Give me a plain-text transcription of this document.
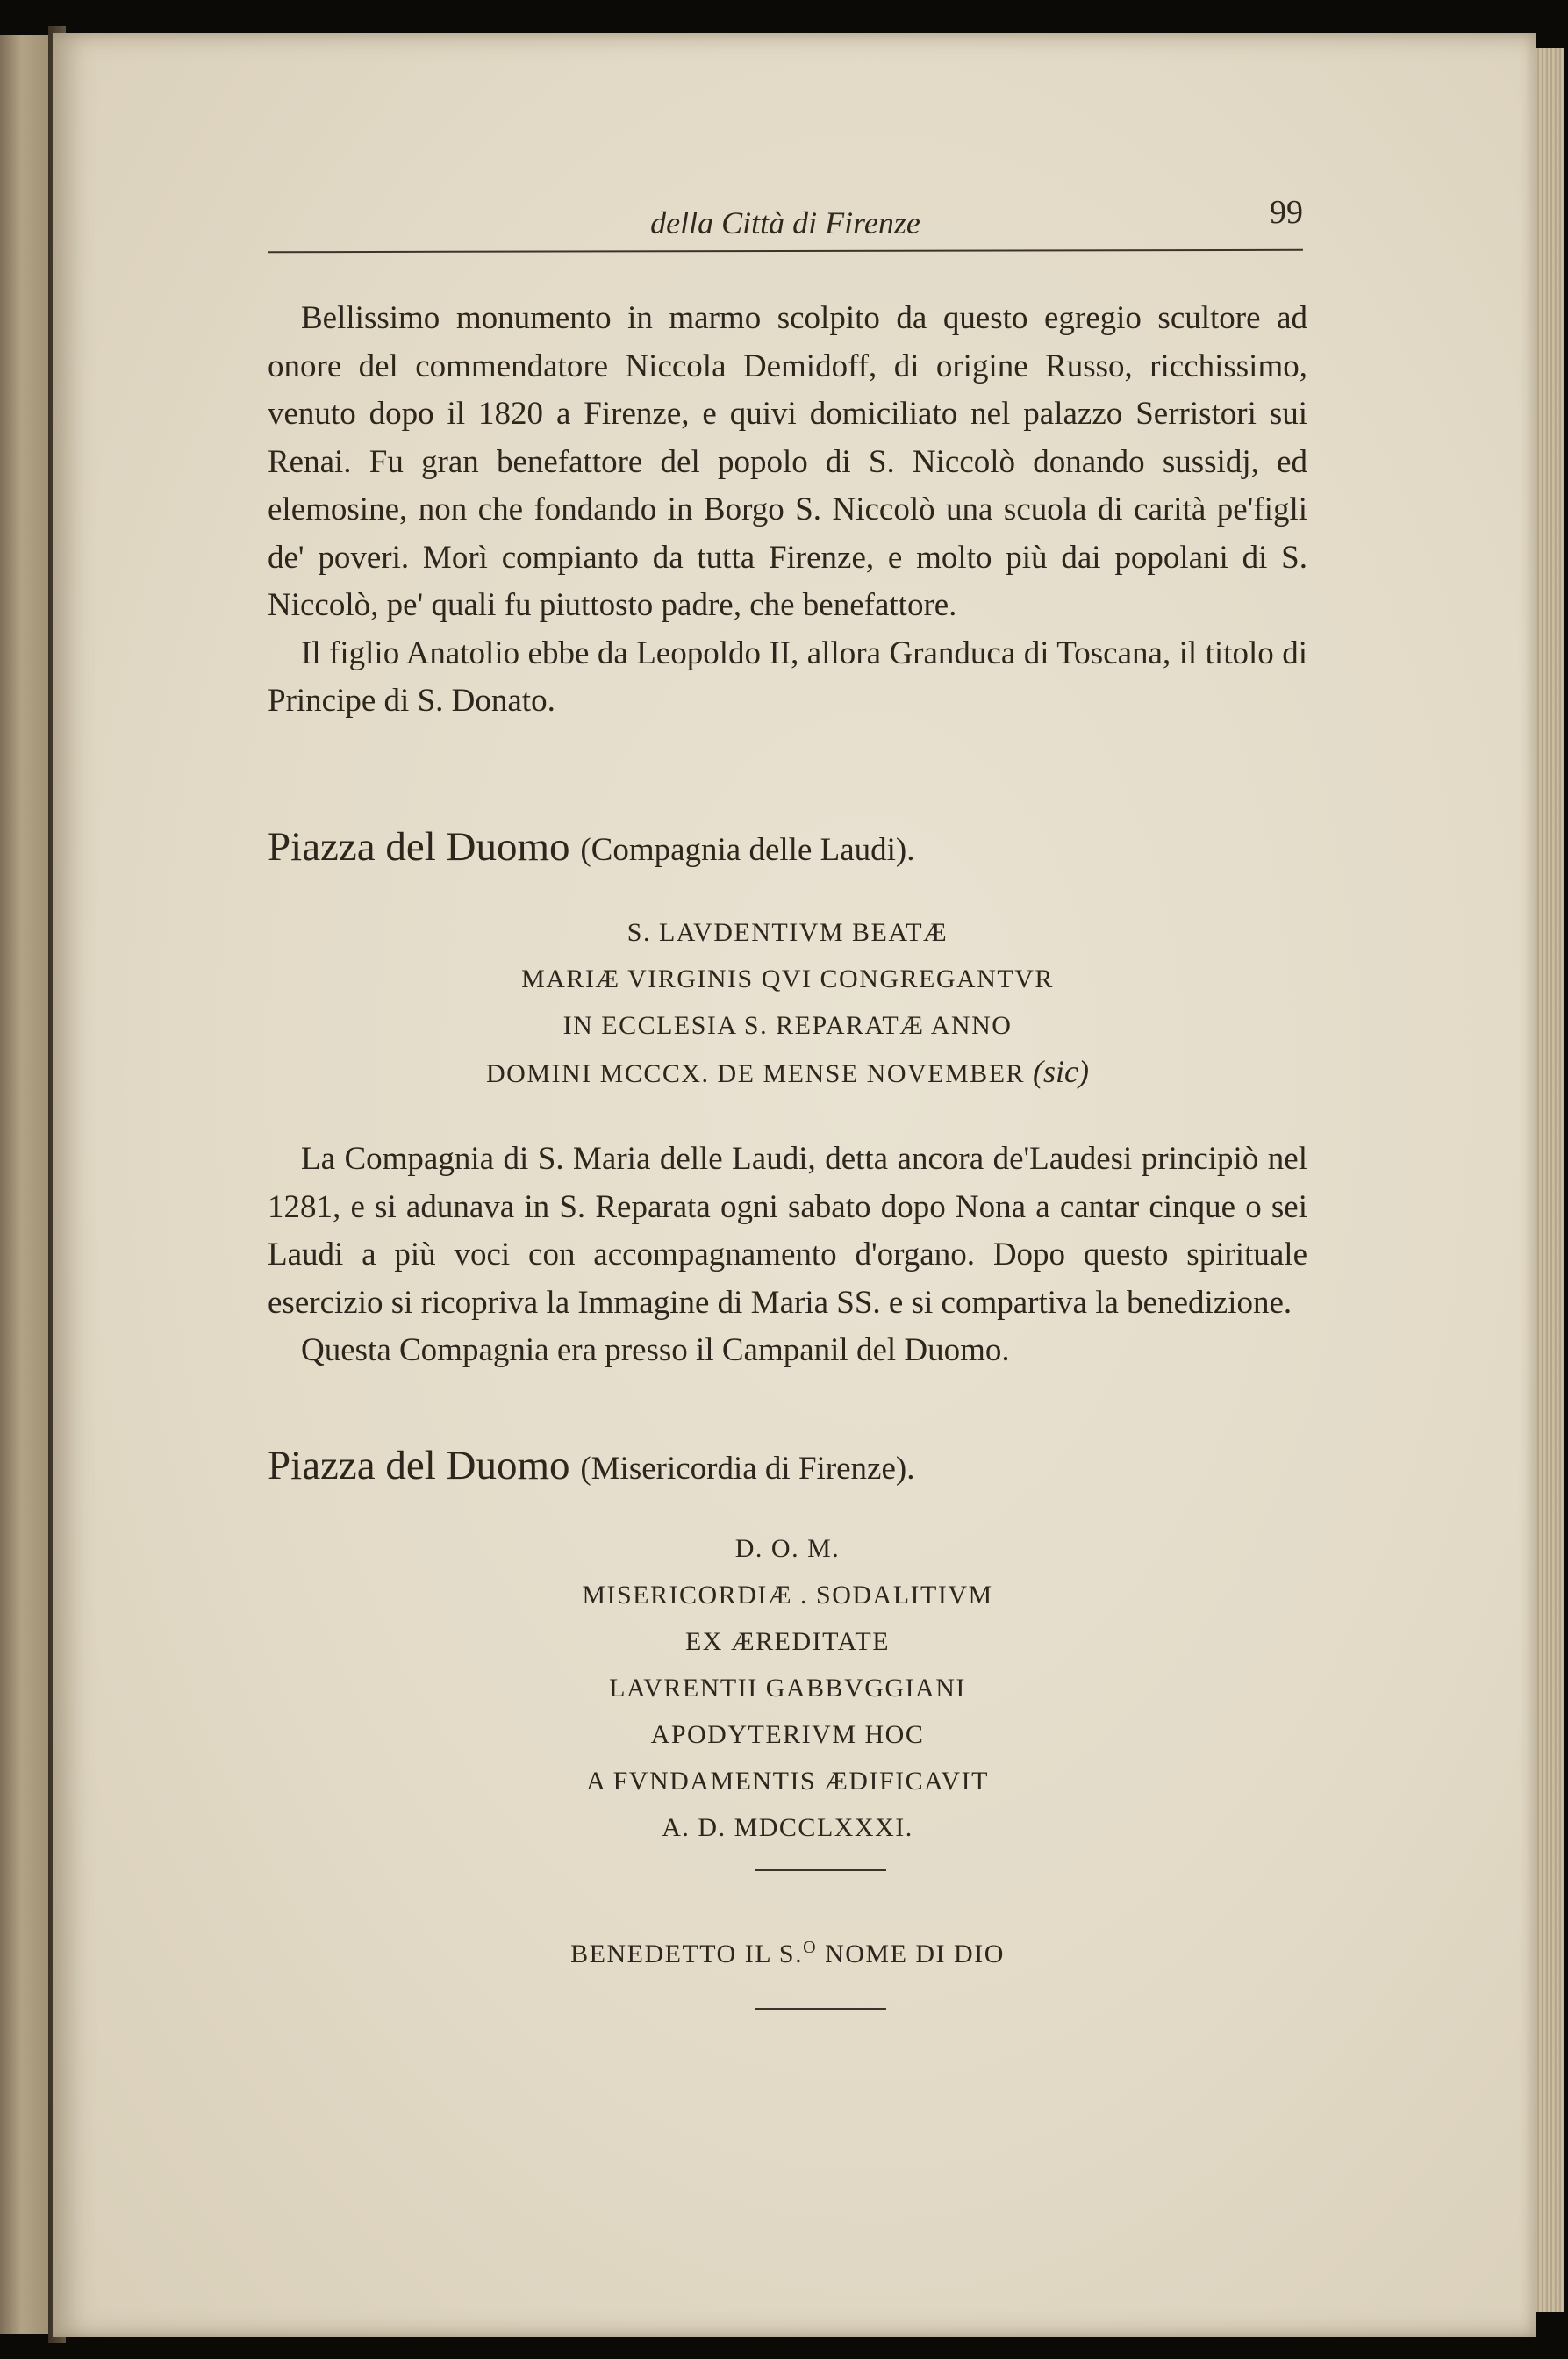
della Città di Firenze	99

Bellissimo monumento in marmo scolpito da questo egregio scultore ad onore del commendatore Niccola Demidoff, di origine Russo, ricchissimo, venuto dopo il 1820 a Firenze, e quivi domiciliato nel palazzo Serristori sui Renai. Fu gran benefattore del popolo di S. Niccolò donando sussidj, ed elemosine, non che fondando in Borgo S. Niccolò una scuola di carità pe'figli de' poveri. Morì compianto da tutta Firenze, e molto più dai popolani di S. Niccolò, pe' quali fu piuttosto padre, che benefattore.

Il figlio Anatolio ebbe da Leopoldo II, allora Granduca di Toscana, il titolo di Principe di S. Donato.

Piazza del Duomo (Compagnia delle Laudi).
S. LAVDENTIVM BEATÆ
MARIÆ VIRGINIS QVI CONGREGANTVR
IN ECCLESIA S. REPARATÆ ANNO
DOMINI MCCCX. DE MENSE NOVEMBER (sic)

La Compagnia di S. Maria delle Laudi, detta ancora de'Laudesi principiò nel 1281, e si adunava in S. Reparata ogni sabato dopo Nona a cantar cinque o sei Laudi a più voci con accompagnamento d'organo. Dopo questo spirituale esercizio si ricopriva la Immagine di Maria SS. e si compartiva la benedizione.

Questa Compagnia era presso il Campanil del Duomo.

Piazza del Duomo (Misericordia di Firenze).
D. O. M.
MISERICORDIÆ . SODALITIVM
EX ÆREDITATE
LAVRENTII GABBVGGIANI
APODYTERIVM HOC
A FVNDAMENTIS ÆDIFICAVIT
A. D. MDCCLXXXI.
BENEDETTO IL S.$^O$ NOME DI DIO
